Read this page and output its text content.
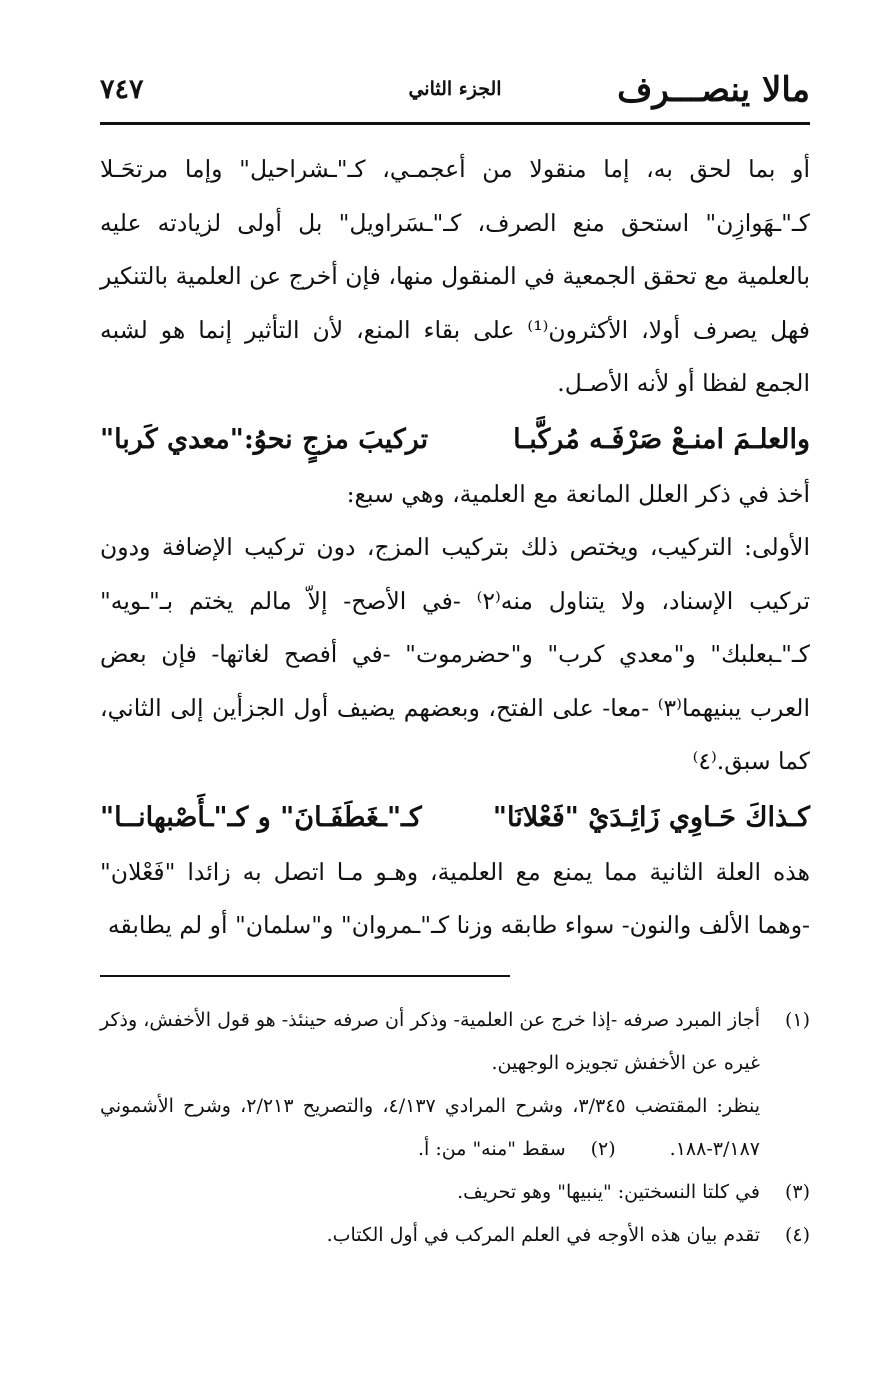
مالا ينصـــرف
الجزء الثاني
٧٤٧

أو بما لحق به، إما منقولا من أعجمـي، كـ"ـشراحيل" وإما مرتحَـلا كـ"ـهَوازِن" استحق منع الصرف، كـ"ـسَراويل" بل أولى لزيادته عليه بالعلمية مع تحقق الجمعية في المنقول منها، فإن أخرج عن العلمية بالتنكير فهل يصرف أولا، الأكثرون⁽¹⁾ على بقاء المنع، لأن التأثير إنما هو لشبه الجمع لفظا أو لأنه الأصـل.

والعلـمَ امنـعْ صَرْفَـه مُركَّبـا
تركيبَ مزجٍ نحوُ:"معدي كَربا"

أخذ في ذكر العلل المانعة مع العلمية، وهي سبع:

الأولى: التركيب، ويختص ذلك بتركيب المزج، دون تركيب الإضافة ودون تركيب الإسناد، ولا يتناول منه⁽٢⁾ -في الأصح- إلاّ مالم يختم بـ"ـويه" كـ"ـبعلبك" و"معدي كرب" و"حضرموت" -في أفصح لغاتها- فإن بعض العرب يبنيهما⁽٣⁾ -معا- على الفتح، وبعضهم يضيف أول الجزأين إلى الثاني، كما سبق.⁽٤⁾

كـذاكَ حَـاوِي زَائِـدَيْ "فَعْلانَا"
كـ"ـغَطَفَـانَ" و كـ"ـأَصْبهانــا"

هذه العلة الثانية مما يمنع مع العلمية، وهـو مـا اتصل به زائدا "فَعْلان" -وهما الألف والنون- سواء طابقه وزنا كـ"ـمروان" و"سلمان" أو لم يطابقه

(١)
أجاز المبرد صرفه -إذا خرج عن العلمية- وذكر أن صرفه حينئذ- هو قول الأخفش، وذكر غيره عن الأخفش تجويزه الوجهين.
ينظر: المقتضب ٣/٣٤٥، وشرح المرادي ٤/١٣٧، والتصريح ٢/٢١٣، وشرح الأشموني ٣/١٨٧-١٨٨. (٢)سقط "منه" من: أ.
(٣)
في كلتا النسختين: "ينبيها" وهو تحريف.
(٤)
تقدم بيان هذه الأوجه في العلم المركب في أول الكتاب.
